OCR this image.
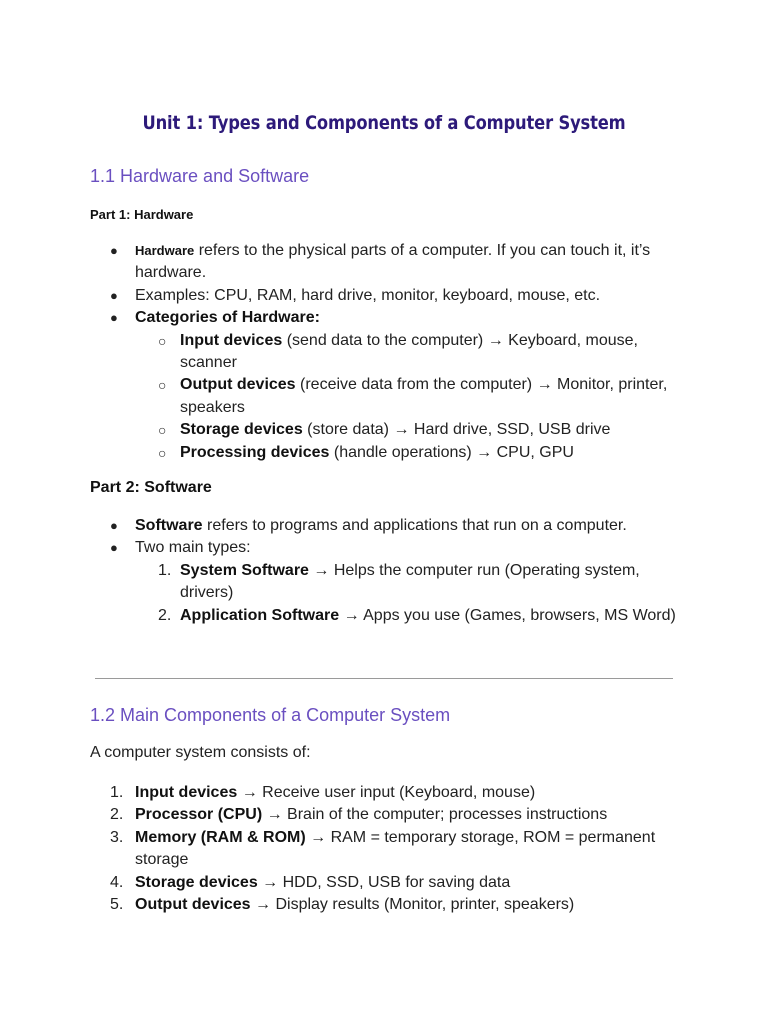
Unit 1: Types and Components of a Computer System
1.1 Hardware and Software
Part 1: Hardware
● Hardware refers to the physical parts of a computer. If you can touch it, it’s hardware.
● Examples: CPU, RAM, hard drive, monitor, keyboard, mouse, etc.
● Categories of Hardware:
○ Input devices (send data to the computer) → Keyboard, mouse, scanner
○ Output devices (receive data from the computer) → Monitor, printer, speakers
○ Storage devices (store data) → Hard drive, SSD, USB drive
○ Processing devices (handle operations) → CPU, GPU
Part 2: Software
● Software refers to programs and applications that run on a computer.
● Two main types:
1. System Software → Helps the computer run (Operating system, drivers)
2. Application Software → Apps you use (Games, browsers, MS Word)
1.2 Main Components of a Computer System

A computer system consists of:

1. Input devices → Receive user input (Keyboard, mouse)
2. Processor (CPU) → Brain of the computer; processes instructions
3. Memory (RAM & ROM) → RAM = temporary storage, ROM = permanent storage
4. Storage devices → HDD, SSD, USB for saving data
5. Output devices → Display results (Monitor, printer, speakers)
